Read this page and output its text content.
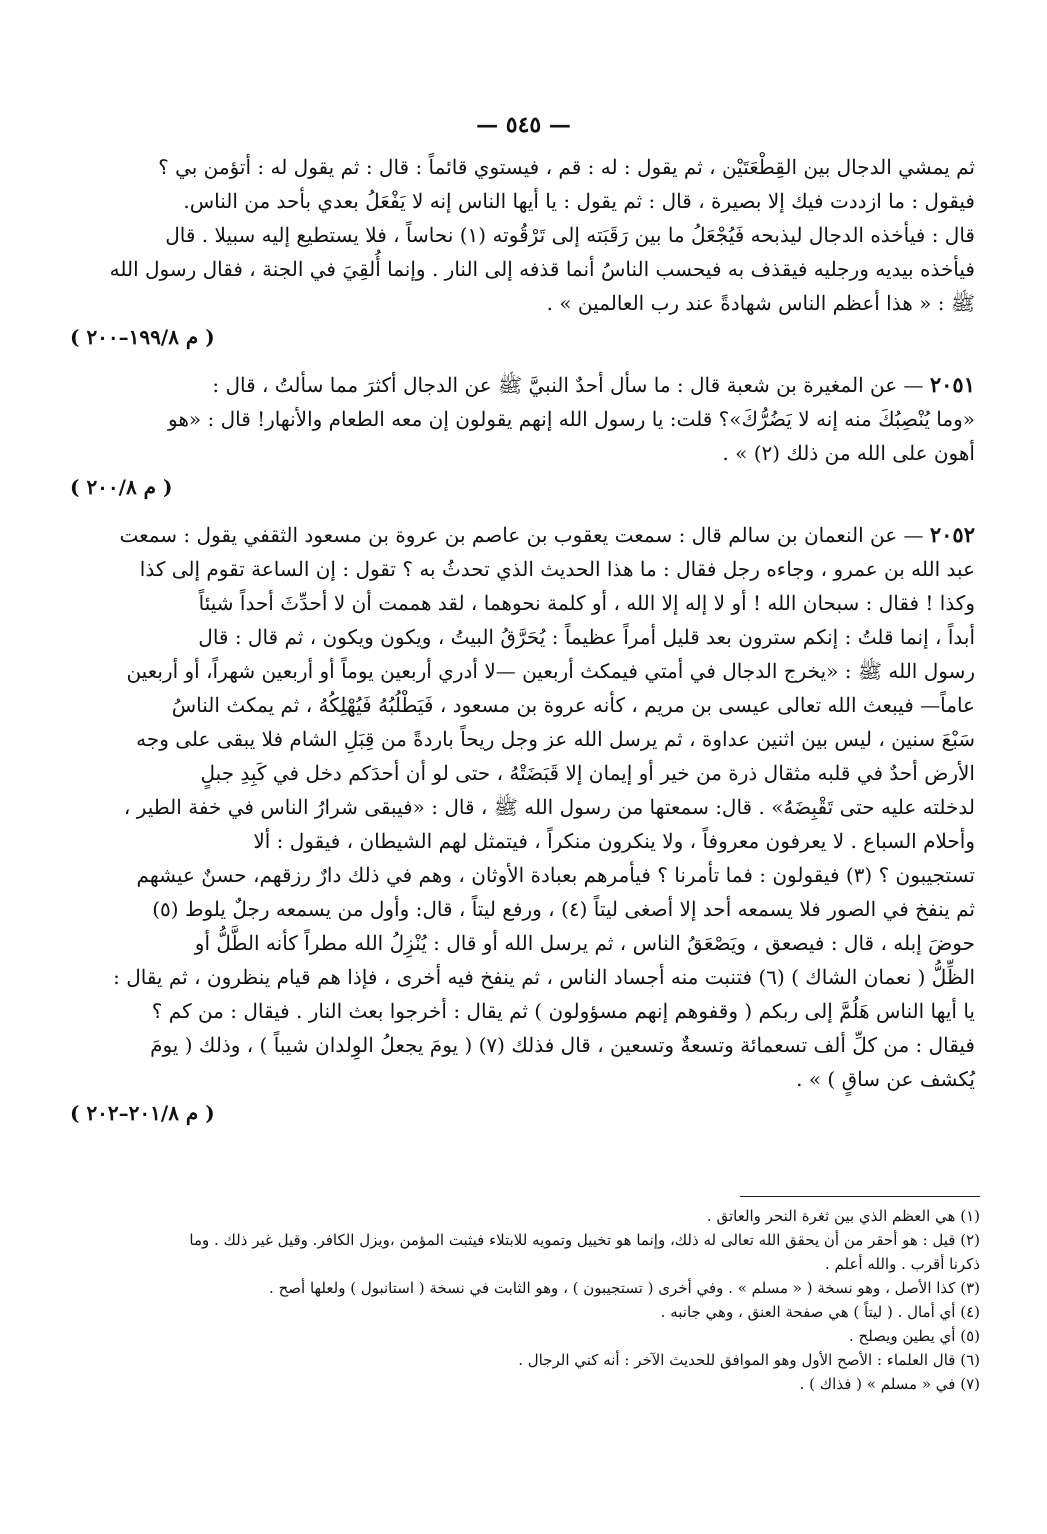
— ٥٤٥ —

ثم يمشي الدجال بين القِطْعَتَيْن ، ثم يقول : له : قم ، فيستوي قائماً : قال : ثم يقول له : أتؤمن بي ؟

فيقول : ما ازددت فيك إلا بصيرة ، قال : ثم يقول : يا أيها الناس إنه لا يَفْعَلُ بعدي بأحد من الناس.

قال : فيأخذه الدجال ليذبحه فَيُجْعَلُ ما بين رَقَبَته إلى تَرْقُوته (١) نحاساً ، فلا يستطيع إليه سبيلا . قال

فيأخذه بيديه ورجليه فيقذف به فيحسب الناسُ أنما قذفه إلى النار . وإنما أُلقِيَ في الجنة ، فقال رسول الله

ﷺ : « هذا أعظم الناس شهادةً عند رب العالمين » .

( م ١٩٩/٨–٢٠٠ )

٢٠٥١ — عن المغيرة بن شعبة قال : ما سأل أحدٌ النبيَّ ﷺ عن الدجال أكثرَ مما سألتُ ، قال :

«وما يُنْصِبُكَ منه إنه لا يَضُرُّكَ»؟ قلت: يا رسول الله إنهم يقولون إن معه الطعام والأنهار! قال : «هو

أهون على الله من ذلك (٢) » .

( م ٢٠٠/٨ )

٢٠٥٢ — عن النعمان بن سالم قال : سمعت يعقوب بن عاصم بن عروة بن مسعود الثقفي يقول : سمعت

عبد الله بن عمرو ، وجاءه رجل فقال : ما هذا الحديث الذي تحدثُ به ؟ تقول : إن الساعة تقوم إلى كذا

وكذا ! فقال : سبحان الله ! أو لا إله إلا الله ، أو كلمة نحوهما ، لقد هممت أن لا أحدِّثَ أحداً شيئاً

أبداً ، إنما قلتُ : إنكم سترون بعد قليل أمراً عظيماً : يُحَرَّقُ البيتُ ، ويكون ويكون ، ثم قال : قال

رسول الله ﷺ : «يخرج الدجال في أمتي فيمكث أربعين —لا أدري أربعين يوماً أو أربعين شهراً، أو أربعين

عاماً— فيبعث الله تعالى عيسى بن مريم ، كأنه عروة بن مسعود ، فَيَطْلُبُهُ فَيُهْلِكُهُ ، ثم يمكث الناسُ

سَبْعَ سنين ، ليس بين اثنين عداوة ، ثم يرسل الله عز وجل ريحاً باردةً من قِبَلِ الشام فلا يبقى على وجه

الأرض أحدٌ في قلبه مثقال ذرة من خير أو إيمان إلا قَبَضَتْهُ ، حتى لو أن أحدَكم دخل في كَبِدِ جبلٍ

لدخلته عليه حتى تَقْبِضَهُ» . قال: سمعتها من رسول الله ﷺ ، قال : «فيبقى شرارُ الناس في خفة الطير ،

وأحلام السباع . لا يعرفون معروفاً ، ولا ينكرون منكراً ، فيتمثل لهم الشيطان ، فيقول : ألا

تستجيبون ؟ (٣) فيقولون : فما تأمرنا ؟ فيأمرهم بعبادة الأوثان ، وهم في ذلك دارٌ رزقهم، حسنٌ عيشهم

ثم ينفخ في الصور فلا يسمعه أحد إلا أصغى ليتاً (٤) ، ورفع ليتاً ، قال: وأول من يسمعه رجلٌ يلوط (٥)

حوضَ إبله ، قال : فيصعق ، ويَصْعَقُ الناس ، ثم يرسل الله أو قال : يُنْزِلُ الله مطراً كأنه الطَّلُّ أو

الظِّلُّ ( نعمان الشاك ) (٦) فتنبت منه أجساد الناس ، ثم ينفخ فيه أخرى ، فإذا هم قيام ينظرون ، ثم يقال :

يا أيها الناس هَلُمَّ إلى ربكم ( وقفوهم إنهم مسؤولون ) ثم يقال : أخرجوا بعث النار . فيقال : من كم ؟

فيقال : من كلِّ ألف تسعمائة وتسعةٌ وتسعين ، قال فذلك (٧) ( يومَ يجعلُ الوِلدان شيباً ) ، وذلك ( يومَ

يُكشف عن ساقٍ ) » .

( م ٢٠١/٨–٢٠٢ )

(١) هي العظم الذي بين ثغرة النحر والعاتق .

(٢) قيل : هو أحقر من أن يحقق الله تعالى له ذلك، وإنما هو تخييل وتمويه للابتلاء فيثبت المؤمن ،ويزل الكافر. وقيل غير ذلك . وما

ذكرنا أقرب . والله أعلم .

(٣) كذا الأصل ، وهو نسخة ( « مسلم » . وفي أخرى ( تستجيبون ) ، وهو الثابت في نسخة ( استانبول ) ولعلها أصح .

(٤) أي أمال . ( ليتاً ) هي صفحة العنق ، وهي جانبه .

(٥) أي يطين ويصلح .

(٦) قال العلماء : الأصح الأول وهو الموافق للحديث الآخر : أنه كني الرجال .

(٧) في « مسلم » ( فذاك ) .
